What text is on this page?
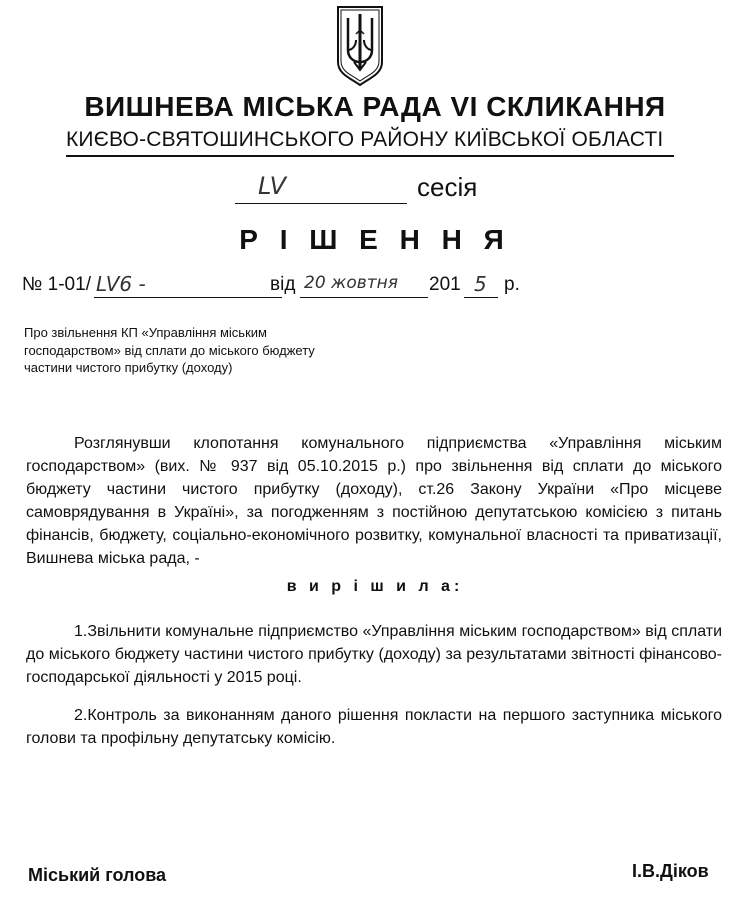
ВИШНЕВА МІСЬКА РАДА VI СКЛИКАННЯ
КИЄВО-СВЯТОШИНСЬКОГО РАЙОНУ КИЇВСЬКОЇ ОБЛАСТІ
LV	сесія
Р І Ш Е Н Н Я
№ 1-01/ LV6 -	від 20 жовтня 201 5 р.
Про звільнення КП «Управління міським
господарством» від сплати до міського бюджету
частини чистого прибутку (доходу)
Розглянувши клопотання комунального підприємства «Управління міським господарством» (вих. № 937 від 05.10.2015 р.) про звільнення від сплати до міського бюджету частини чистого прибутку (доходу), ст.26 Закону України «Про місцеве самоврядування в Україні», за погодженням з постійною депутатською комісією з питань фінансів, бюджету, соціально-економічного розвитку, комунальної власності та приватизації, Вишнева міська рада, -
в и р і ш и л а:
1.Звільнити комунальне підприємство «Управління міським господарством» від сплати до міського бюджету частини чистого прибутку (доходу) за результатами звітності фінансово-господарської діяльності у 2015 році.
2.Контроль за виконанням даного рішення покласти на першого заступника міського голови та профільну депутатську комісію.
Міський голова	І.В.Діков
